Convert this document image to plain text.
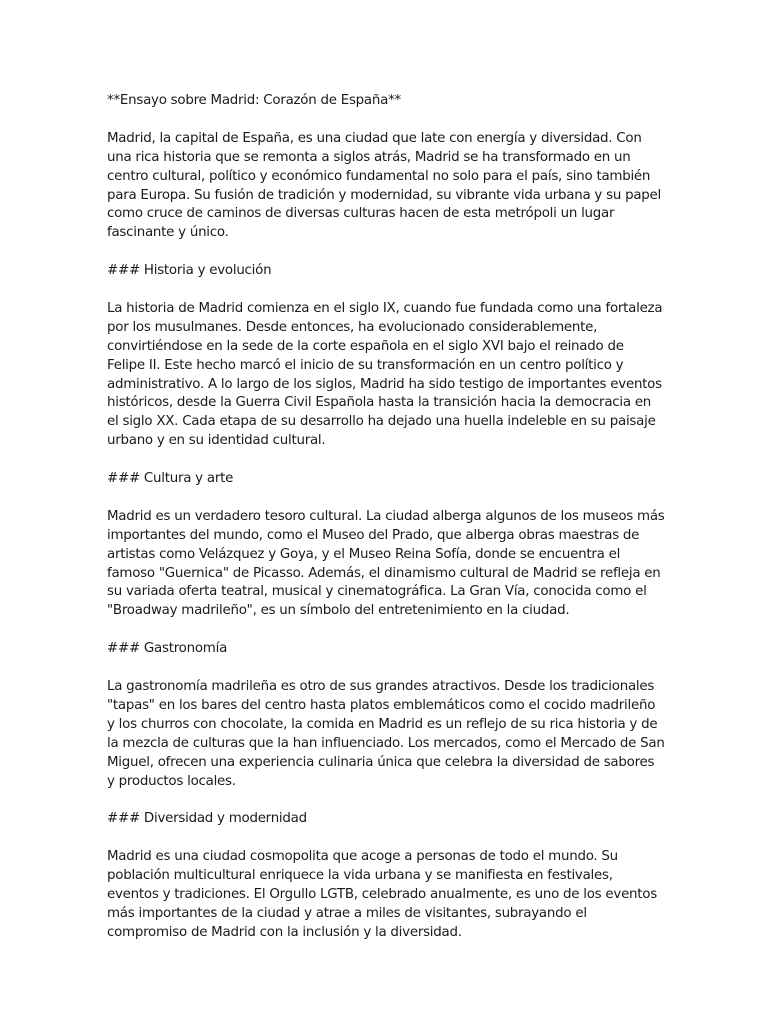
**Ensayo sobre Madrid: Corazón de España**

Madrid, la capital de España, es una ciudad que late con energía y diversidad. Con una rica historia que se remonta a siglos atrás, Madrid se ha transformado en un centro cultural, político y económico fundamental no solo para el país, sino también para Europa. Su fusión de tradición y modernidad, su vibrante vida urbana y su papel como cruce de caminos de diversas culturas hacen de esta metrópoli un lugar fascinante y único.

### Historia y evolución

La historia de Madrid comienza en el siglo IX, cuando fue fundada como una fortaleza por los musulmanes. Desde entonces, ha evolucionado considerablemente, convirtiéndose en la sede de la corte española en el siglo XVI bajo el reinado de Felipe II. Este hecho marcó el inicio de su transformación en un centro político y administrativo. A lo largo de los siglos, Madrid ha sido testigo de importantes eventos históricos, desde la Guerra Civil Española hasta la transición hacia la democracia en el siglo XX. Cada etapa de su desarrollo ha dejado una huella indeleble en su paisaje urbano y en su identidad cultural.

### Cultura y arte

Madrid es un verdadero tesoro cultural. La ciudad alberga algunos de los museos más importantes del mundo, como el Museo del Prado, que alberga obras maestras de artistas como Velázquez y Goya, y el Museo Reina Sofía, donde se encuentra el famoso "Guernica" de Picasso. Además, el dinamismo cultural de Madrid se refleja en su variada oferta teatral, musical y cinematográfica. La Gran Vía, conocida como el "Broadway madrileño", es un símbolo del entretenimiento en la ciudad.

### Gastronomía

La gastronomía madrileña es otro de sus grandes atractivos. Desde los tradicionales "tapas" en los bares del centro hasta platos emblemáticos como el cocido madrileño y los churros con chocolate, la comida en Madrid es un reflejo de su rica historia y de la mezcla de culturas que la han influenciado. Los mercados, como el Mercado de San Miguel, ofrecen una experiencia culinaria única que celebra la diversidad de sabores y productos locales.

### Diversidad y modernidad

Madrid es una ciudad cosmopolita que acoge a personas de todo el mundo. Su población multicultural enriquece la vida urbana y se manifiesta en festivales, eventos y tradiciones. El Orgullo LGTB, celebrado anualmente, es uno de los eventos más importantes de la ciudad y atrae a miles de visitantes, subrayando el compromiso de Madrid con la inclusión y la diversidad.
